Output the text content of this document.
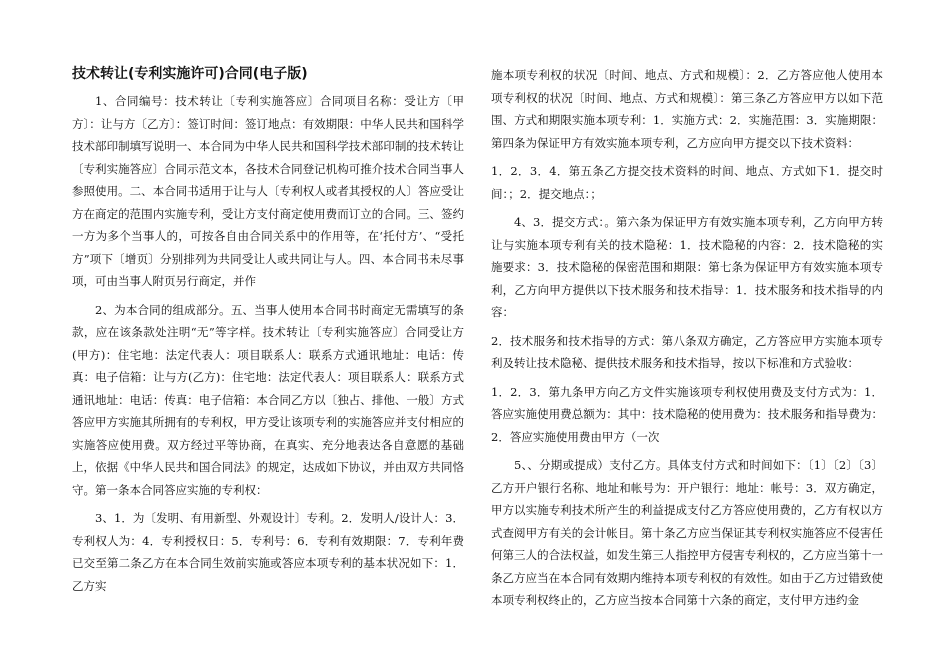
技术转让(专利实施许可)合同(电子版)

1、合同编号：技术转让〔专利实施答应〕合同项目名称：受让方〔甲方〕：让与方〔乙方〕：签订时间：签订地点：有效期限：中华人民共和国科学技术部印制填写说明一、本合同为中华人民共和国科学技术部印制的技术转让〔专利实施答应〕合同示范文本，各技术合同登记机构可推介技术合同当事人参照使用。二、本合同书适用于让与人〔专利权人或者其授权的人〕答应受让方在商定的范围内实施专利，受让方支付商定使用费而订立的合同。三、签约一方为多个当事人的，可按各自由合同关系中的作用等，在‘托付方’、“受托方”项下〔增页〕分别排列为共同受让人或共同让与人。四、本合同书未尽事项，可由当事人附页另行商定，并作

2、为本合同的组成部分。五、当事人使用本合同书时商定无需填写的条款，应在该条款处注明“无”等字样。技术转让〔专利实施答应〕合同受让方(甲方)：住宅地：法定代表人：项目联系人：联系方式通讯地址：电话：传真：电子信箱：让与方(乙方)：住宅地：法定代表人：项目联系人：联系方式通讯地址：电话：传真：电子信箱：本合同乙方以〔独占、排他、一般〕方式答应甲方实施其所拥有的专利权，甲方受让该项专利的实施答应并支付相应的实施答应使用费。双方经过平等协商，在真实、充分地表达各自意愿的基础上，依据《中华人民共和国合同法》的规定，达成如下协议，并由双方共同恪守。第一条本合同答应实施的专利权：

3、1．为〔发明、有用新型、外观设计〕专利。2．发明人/设计人：3．专利权人为：4．专利授权日：5．专利号：6．专利有效期限：7．专利年费已交至第二条乙方在本合同生效前实施或答应本项专利的基本状况如下：1．乙方实

施本项专利权的状况〔时间、地点、方式和规模〕：2．乙方答应他人使用本项专利权的状况〔时间、地点、方式和规模〕：第三条乙方答应甲方以如下范围、方式和期限实施本项专利：1．实施方式：2．实施范围：3．实施期限：第四条为保证甲方有效实施本项专利，乙方应向甲方提交以下技术资料：

1．2．3．4．第五条乙方提交技术资料的时间、地点、方式如下1．提交时间：；2．提交地点：；

4、3．提交方式：。第六条为保证甲方有效实施本项专利，乙方向甲方转让与实施本项专利有关的技术隐秘：1．技术隐秘的内容：2．技术隐秘的实施要求：3．技术隐秘的保密范围和期限：第七条为保证甲方有效实施本项专利，乙方向甲方提供以下技术服务和技术指导：1．技术服务和技术指导的内容：

2．技术服务和技术指导的方式：第八条双方确定，乙方答应甲方实施本项专利及转让技术隐秘、提供技术服务和技术指导，按以下标准和方式验收：

1．2．3．第九条甲方向乙方文件实施该项专利权使用费及支付方式为：1．答应实施使用费总额为：其中：技术隐秘的使用费为：技术服务和指导费为：2．答应实施使用费由甲方（一次

5、、分期或提成）支付乙方。具体支付方式和时间如下：〔1〕〔2〕〔3〕乙方开户银行名称、地址和帐号为：开户银行：地址：帐号：3．双方确定，甲方以实施专利技术所产生的利益提成支付乙方答应使用费的，乙方有权以方式查阅甲方有关的会计帐目。第十条乙方应当保证其专利权实施答应不侵害任何第三人的合法权益，如发生第三人指控甲方侵害专利权的，乙方应当第十一条乙方应当在本合同有效期内维持本项专利权的有效性。如由于乙方过错致使本项专利权终止的，乙方应当按本合同第十六条的商定，支付甲方违约金
